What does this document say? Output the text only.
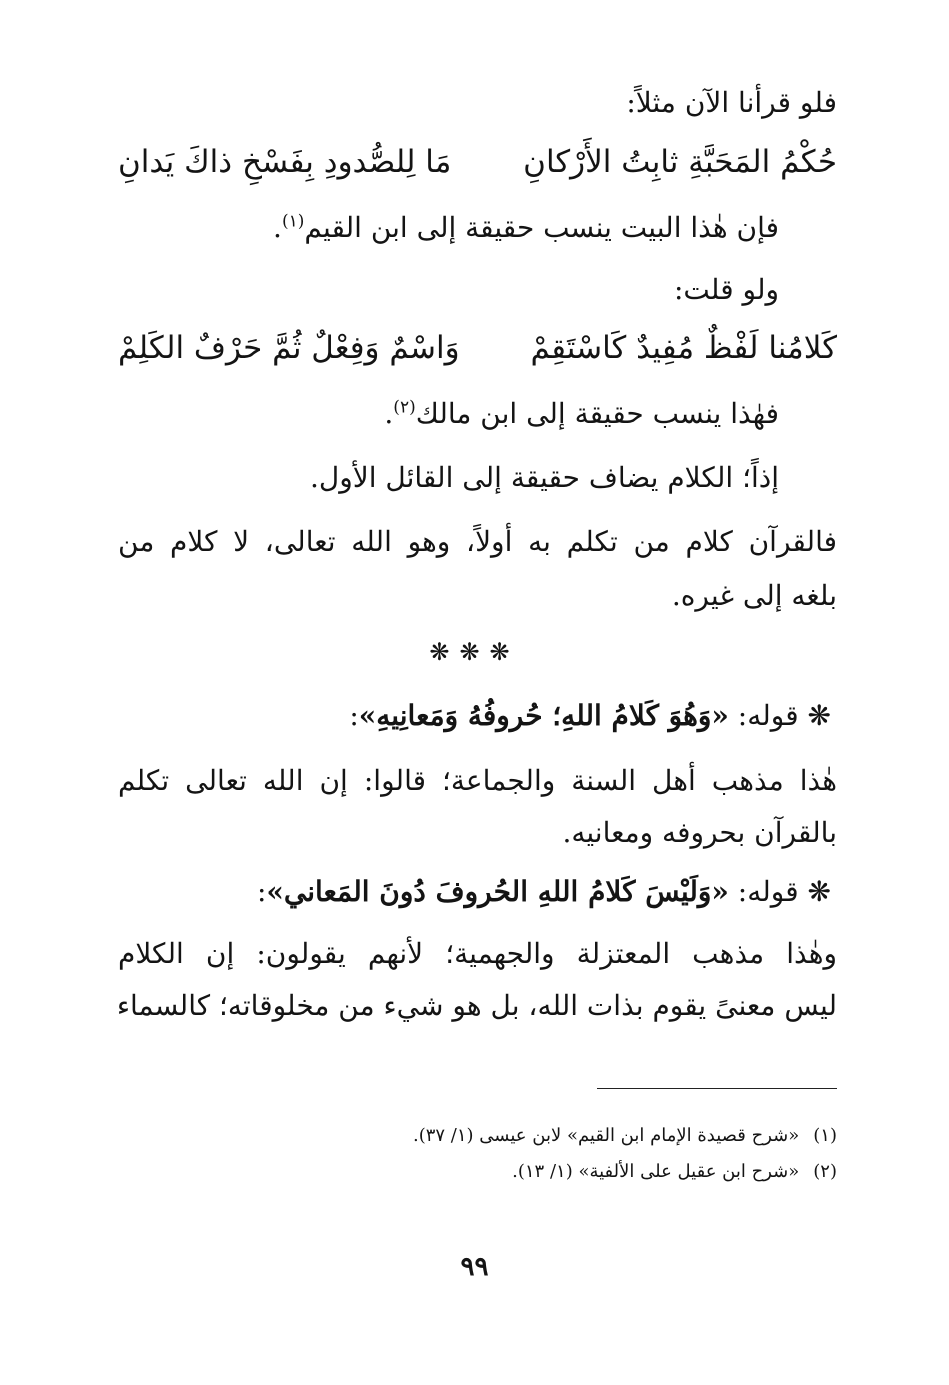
فلو قرأنا الآن مثلاً:
حُكْمُ المَحَبَّةِ ثابِتُ الأَرْكانِ
مَا لِلصُّدودِ بِفَسْخِ ذاكَ يَدانِ
فإن هٰذا البيت ينسب حقيقة إلى ابن القيم$^{(١)}$.
ولو قلت:
كَلامُنا لَفْظٌ مُفِيدٌ كَاسْتَقِمْ
وَاسْمٌ وَفِعْلٌ ثُمَّ حَرْفٌ الكَلِمْ
فهٰذا ينسب حقيقة إلى ابن مالك$^{(٢)}$.
إذاً؛ الكلام يضاف حقيقة إلى القائل الأول.
فالقرآن كلام من تكلم به أولاً، وهو الله تعالى، لا كلام من
بلغه إلى غيره.
❋❋❋
❋ قوله: «وَهُوَ كَلامُ اللهِ؛ حُروفُهُ وَمَعانِيهِ»:
هٰذا مذهب أهل السنة والجماعة؛ قالوا: إن الله تعالى تكلم
بالقرآن بحروفه ومعانيه.
❋ قوله: «وَلَيْسَ كَلامُ اللهِ الحُروفَ دُونَ المَعاني»:
وهٰذا مذهب المعتزلة والجهمية؛ لأنهم يقولون: إن الكلام
ليس معنىً يقوم بذات الله، بل هو شيء من مخلوقاته؛ كالسماء
(١)«شرح قصيدة الإمام ابن القيم» لابن عيسى (١/ ٣٧).
(٢)«شرح ابن عقيل على الألفية» (١/ ١٣).
٩٩
